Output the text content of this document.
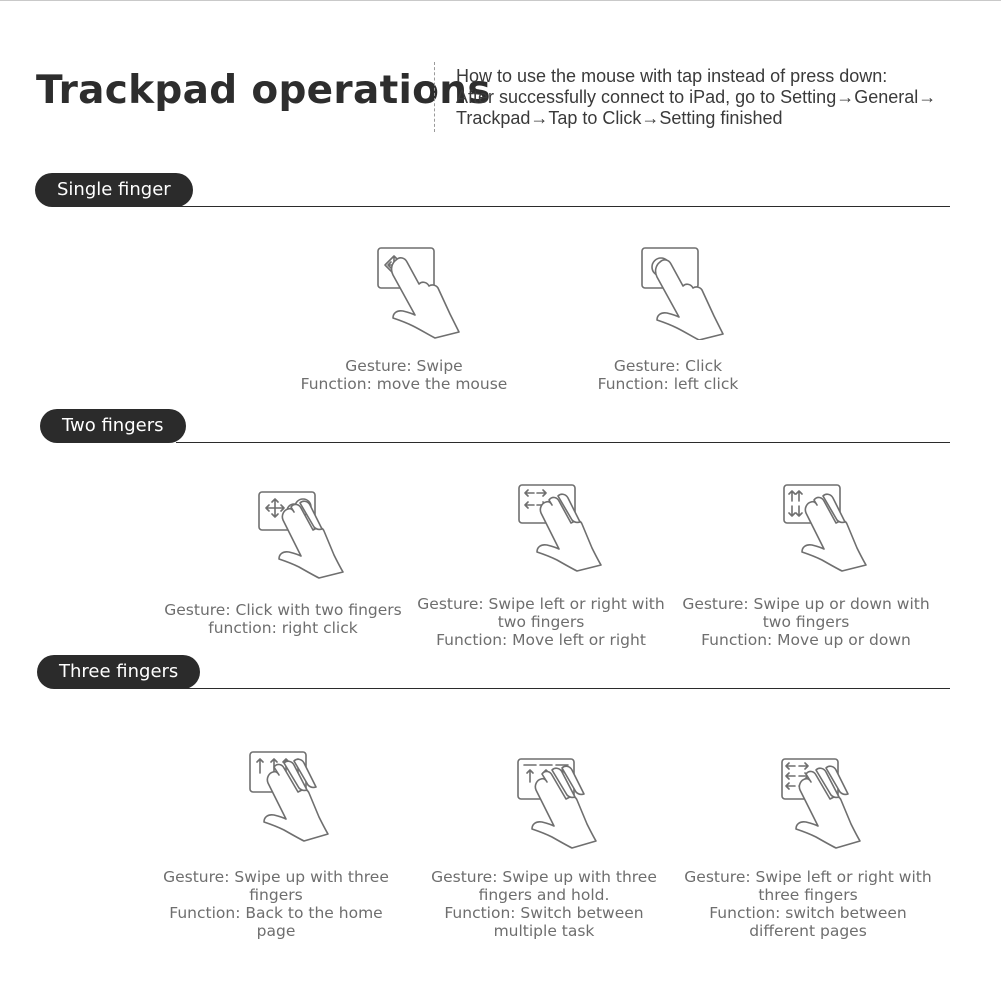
Trackpad operations
How to use the mouse with tap instead of press down:
After successfully connect to iPad, go to Setting→General→
Trackpad→Tap to Click→Setting finished
Single finger
Gesture: Swipe
Function: move the mouse
Gesture: Click
Function: left click
Two fingers
Gesture: Click with two fingers
function: right click
Gesture: Swipe left or right with
two fingers
Function: Move left or right
Gesture: Swipe up or down with
two fingers
Function: Move up or down
Three fingers
Gesture: Swipe up with three
fingers
Function: Back to the home
page
Gesture: Swipe up with three
fingers and hold.
Function: Switch between
multiple task
Gesture: Swipe left or right with
three fingers
Function: switch between
different pages
